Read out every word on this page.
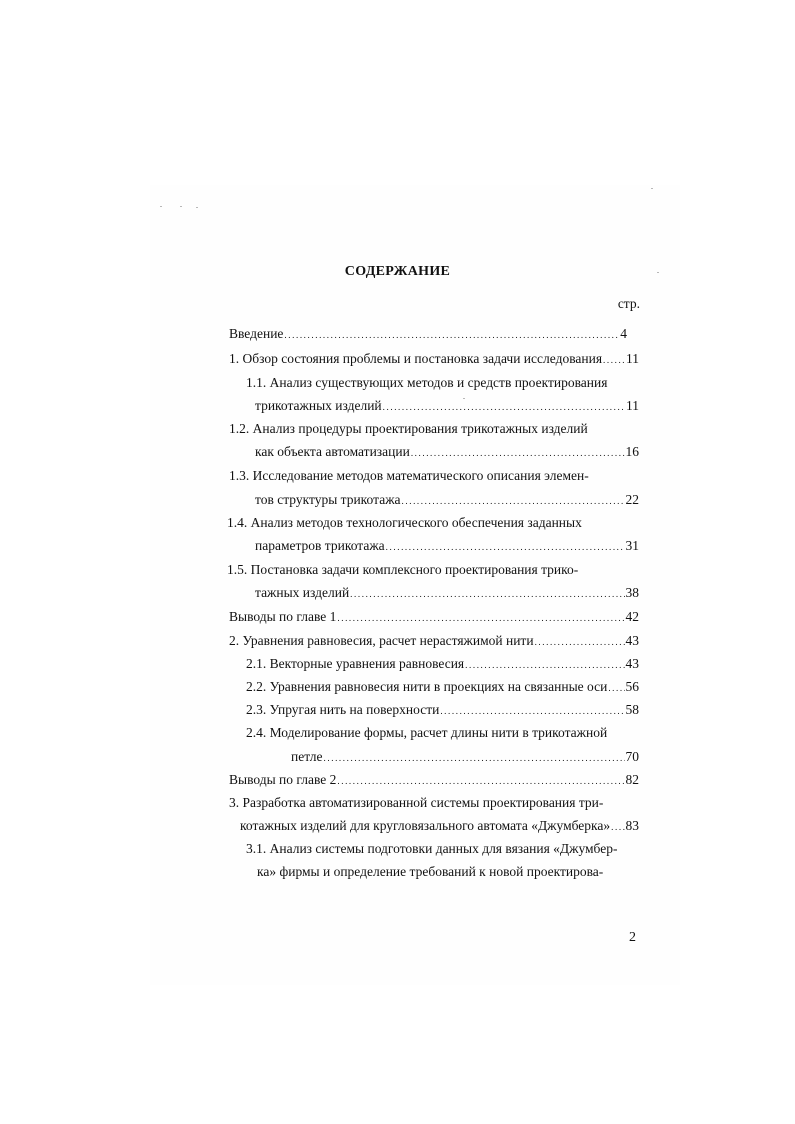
СОДЕРЖАНИЕ
стр.
Введение .....	4
1. Обзор состояния проблемы и постановка задачи исследования ..... 11
1.1. Анализ существующих методов и средств проектирования
трикотажных изделий .....	11
1.2. Анализ процедуры проектирования трикотажных изделий
как объекта автоматизации .....	16
1.3. Исследование методов математического описания элемен-
тов структуры трикотажа .....	22
1.4. Анализ методов технологического обеспечения заданных
параметров трикотажа .....	31
1.5. Постановка задачи комплексного проектирования трико-
тажных изделий .....	38
Выводы по главе 1 .....	42
2. Уравнения равновесия, расчет нерастяжимой нити .....	43
2.1. Векторные уравнения равновесия .....	43
2.2. Уравнения равновесия нити в проекциях на связанные оси ..... 56
2.3. Упругая нить на поверхности .....	58
2.4. Моделирование формы, расчет длины нити в трикотажной
петле .....	70
Выводы по главе 2 .....	82
3. Разработка автоматизированной системы проектирования три-
котажных изделий для кругловязального автомата «Джумберка» ..... 83
3.1. Анализ системы подготовки данных для вязания «Джумбер-
ка» фирмы и определение требований к новой проектирова-
2
